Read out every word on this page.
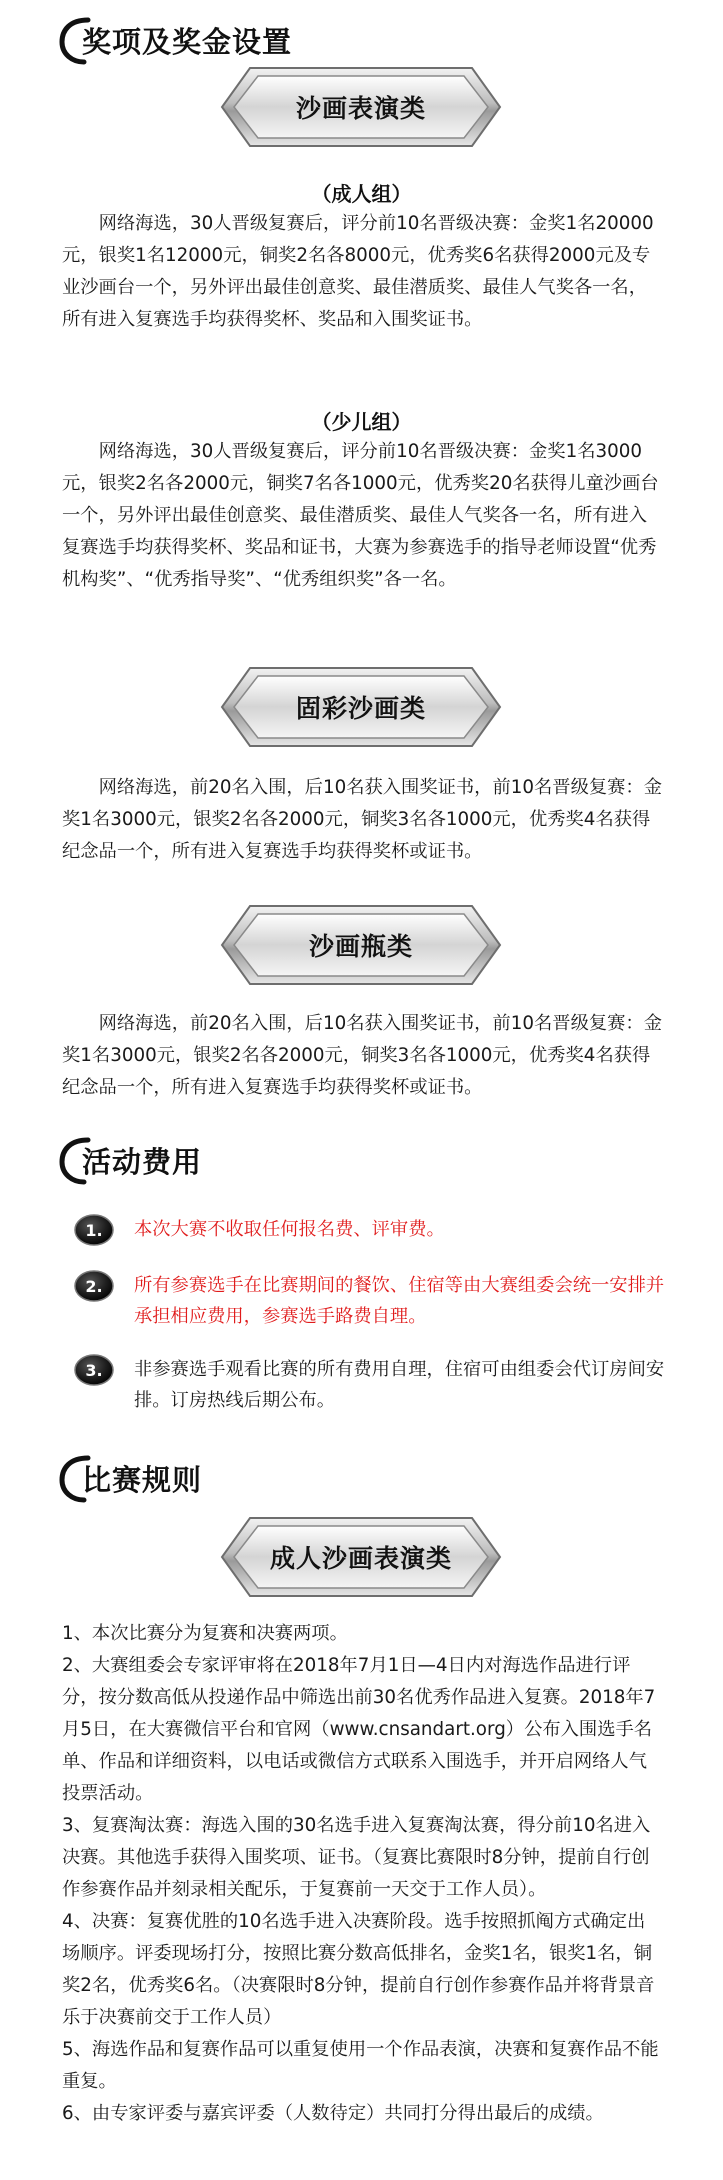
奖项及奖金设置
沙画表演类
（成人组）
网络海选，30人晋级复赛后，评分前10名晋级决赛：金奖1名20000元，银奖1名12000元，铜奖2名各8000元，优秀奖6名获得2000元及专业沙画台一个，另外评出最佳创意奖、最佳潜质奖、最佳人气奖各一名，所有进入复赛选手均获得奖杯、奖品和入围奖证书。
（少儿组）
网络海选，30人晋级复赛后，评分前10名晋级决赛：金奖1名3000元，银奖2名各2000元，铜奖7名各1000元，优秀奖20名获得儿童沙画台一个，另外评出最佳创意奖、最佳潜质奖、最佳人气奖各一名，所有进入复赛选手均获得奖杯、奖品和证书，大赛为参赛选手的指导老师设置“优秀机构奖”、“优秀指导奖”、“优秀组织奖”各一名。
固彩沙画类
网络海选，前20名入围，后10名获入围奖证书，前10名晋级复赛：金奖1名3000元，银奖2名各2000元，铜奖3名各1000元，优秀奖4名获得纪念品一个，所有进入复赛选手均获得奖杯或证书。
沙画瓶类
网络海选，前20名入围，后10名获入围奖证书，前10名晋级复赛：金奖1名3000元，银奖2名各2000元，铜奖3名各1000元，优秀奖4名获得纪念品一个，所有进入复赛选手均获得奖杯或证书。
活动费用
1.	本次大赛不收取任何报名费、评审费。
2.	所有参赛选手在比赛期间的餐饮、住宿等由大赛组委会统一安排并承担相应费用，参赛选手路费自理。
3.	非参赛选手观看比赛的所有费用自理，住宿可由组委会代订房间安排。订房热线后期公布。
比赛规则
成人沙画表演类

1、本次比赛分为复赛和决赛两项。

2、大赛组委会专家评审将在2018年7月1日—4日内对海选作品进行评分，按分数高低从投递作品中筛选出前30名优秀作品进入复赛。2018年7月5日，在大赛微信平台和官网（www.cnsandart.org）公布入围选手名单、作品和详细资料，以电话或微信方式联系入围选手，并开启网络人气投票活动。

3、复赛淘汰赛：海选入围的30名选手进入复赛淘汰赛，得分前10名进入决赛。其他选手获得入围奖项、证书。（复赛比赛限时8分钟，提前自行创作参赛作品并刻录相关配乐，于复赛前一天交于工作人员）。

4、决赛：复赛优胜的10名选手进入决赛阶段。选手按照抓阄方式确定出场顺序。评委现场打分，按照比赛分数高低排名，金奖1名，银奖1名，铜奖2名，优秀奖6名。（决赛限时8分钟，提前自行创作参赛作品并将背景音乐于决赛前交于工作人员）

5、海选作品和复赛作品可以重复使用一个作品表演，决赛和复赛作品不能重复。

6、由专家评委与嘉宾评委（人数待定）共同打分得出最后的成绩。
